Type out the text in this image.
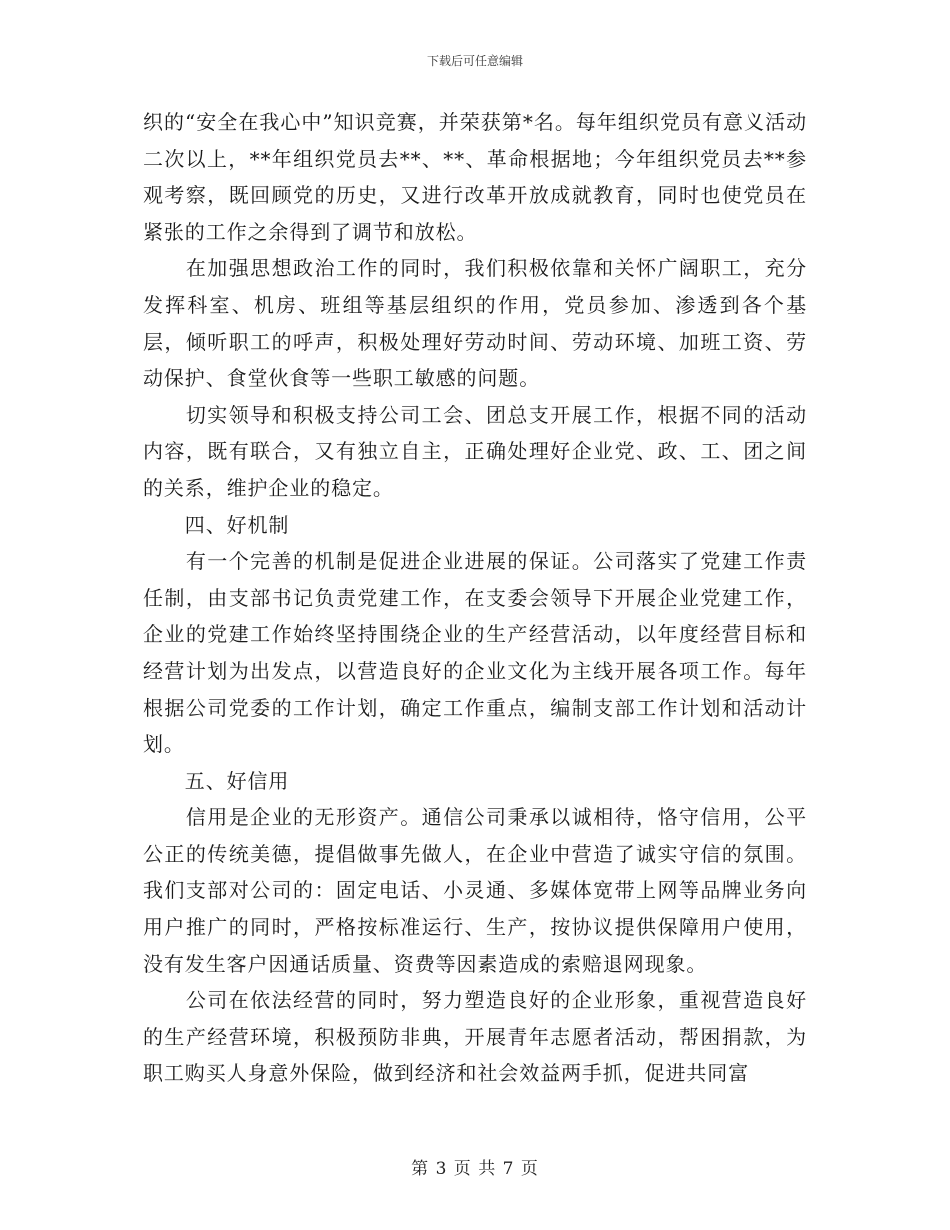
下载后可任意编辑

织的“安全在我心中”知识竞赛，并荣获第*名。每年组织党员有意义活动二次以上，**年组织党员去**、**、革命根据地；今年组织党员去**参观考察，既回顾党的历史，又进行改革开放成就教育，同时也使党员在紧张的工作之余得到了调节和放松。

　　在加强思想政治工作的同时，我们积极依靠和关怀广阔职工，充分发挥科室、机房、班组等基层组织的作用，党员参加、渗透到各个基层，倾听职工的呼声，积极处理好劳动时间、劳动环境、加班工资、劳动保护、食堂伙食等一些职工敏感的问题。

　　切实领导和积极支持公司工会、团总支开展工作，根据不同的活动内容，既有联合，又有独立自主，正确处理好企业党、政、工、团之间的关系，维护企业的稳定。

　　四、好机制

　　有一个完善的机制是促进企业进展的保证。公司落实了党建工作责任制，由支部书记负责党建工作，在支委会领导下开展企业党建工作，企业的党建工作始终坚持围绕企业的生产经营活动，以年度经营目标和经营计划为出发点，以营造良好的企业文化为主线开展各项工作。每年根据公司党委的工作计划，确定工作重点，编制支部工作计划和活动计划。

　　五、好信用

　　信用是企业的无形资产。通信公司秉承以诚相待，恪守信用，公平公正的传统美德，提倡做事先做人，在企业中营造了诚实守信的氛围。我们支部对公司的：固定电话、小灵通、多媒体宽带上网等品牌业务向用户推广的同时，严格按标准运行、生产，按协议提供保障用户使用，没有发生客户因通话质量、资费等因素造成的索赔退网现象。

　　公司在依法经营的同时，努力塑造良好的企业形象，重视营造良好的生产经营环境，积极预防非典，开展青年志愿者活动，帮困捐款，为职工购买人身意外保险，做到经济和社会效益两手抓，促进共同富

第 3 页 共 7 页
